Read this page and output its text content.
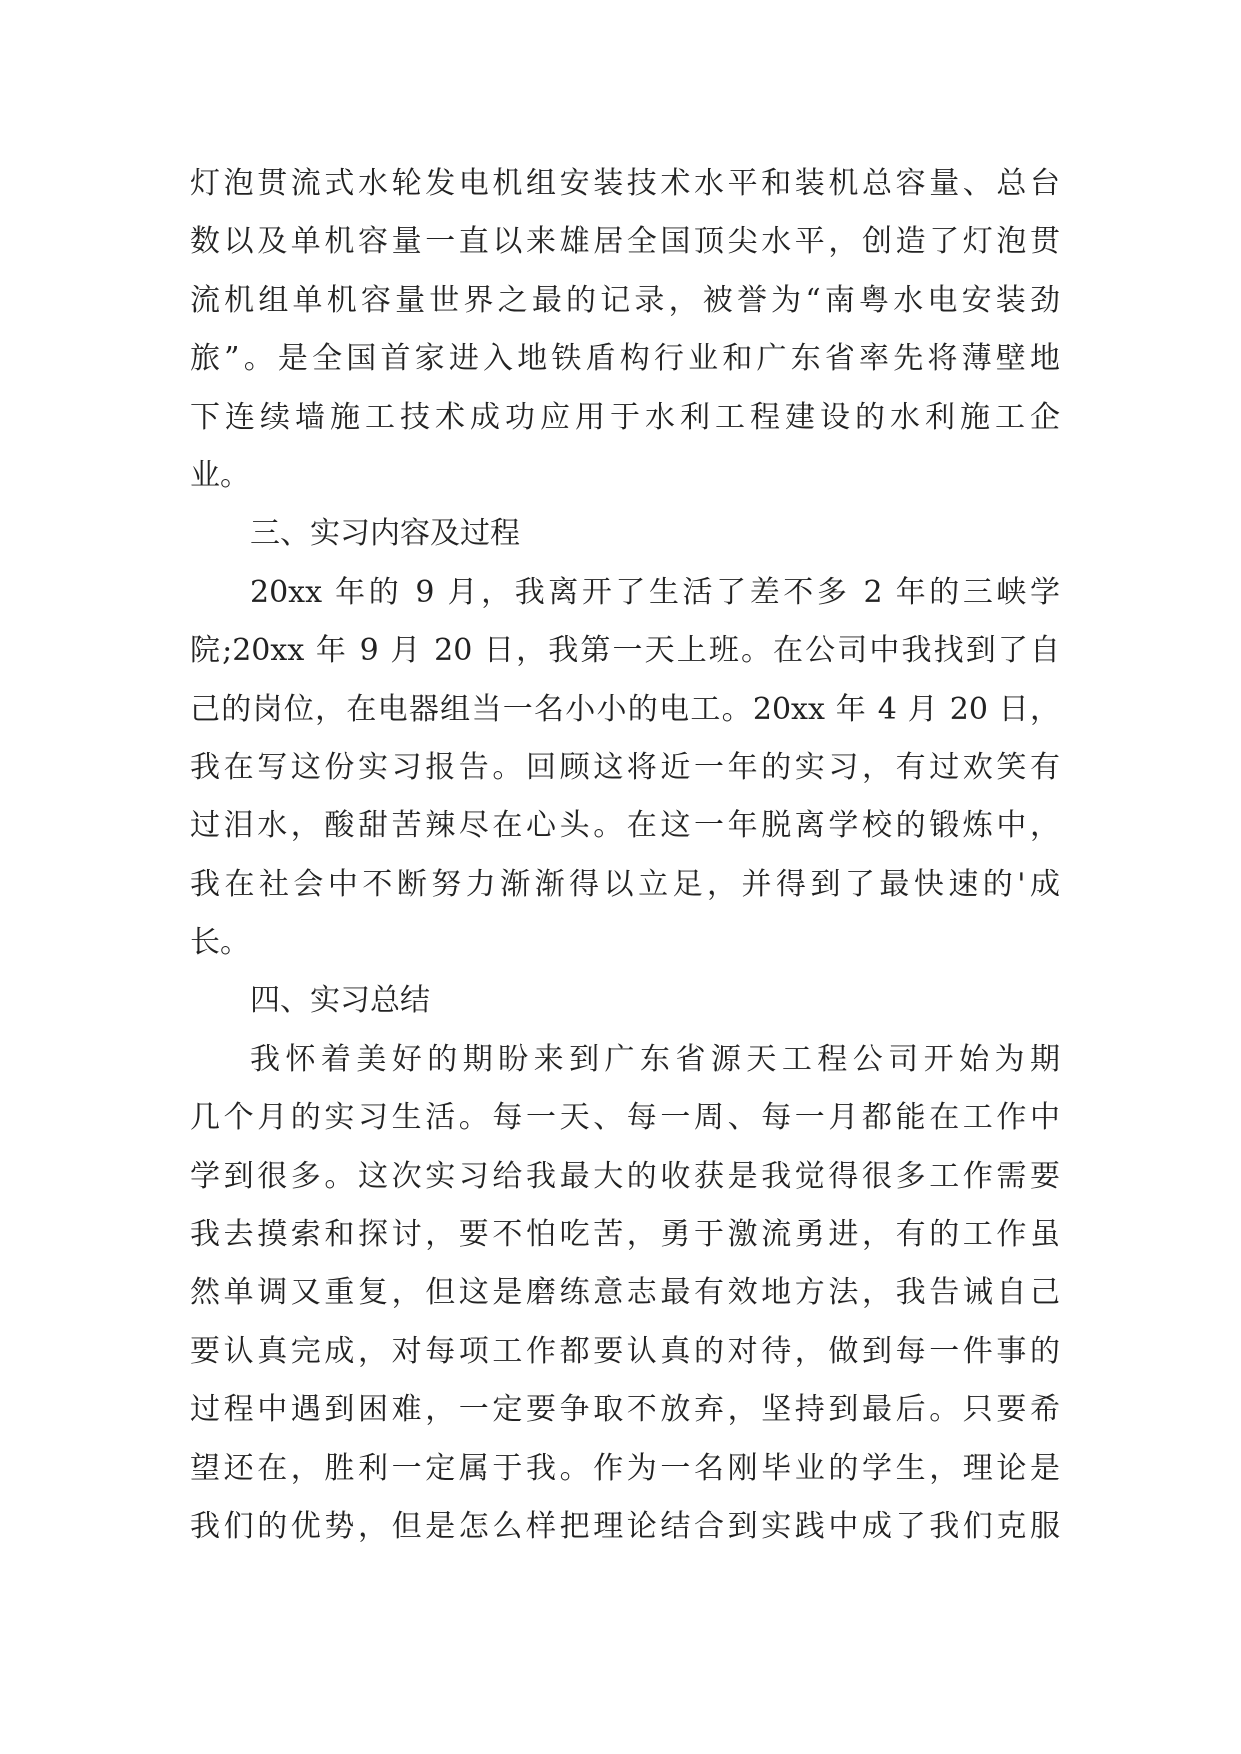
灯泡贯流式水轮发电机组安装技术水平和装机总容量、总台
数以及单机容量一直以来雄居全国顶尖水平，创造了灯泡贯
流机组单机容量世界之最的记录，被誉为“南粤水电安装劲
旅”。是全国首家进入地铁盾构行业和广东省率先将薄壁地
下连续墙施工技术成功应用于水利工程建设的水利施工企
业。
三、实习内容及过程
20xx 年的 9 月，我离开了生活了差不多 2 年的三峡学
院;20xx 年 9 月 20 日，我第一天上班。在公司中我找到了自
己的岗位，在电器组当一名小小的电工。20xx 年 4 月 20 日，
我在写这份实习报告。回顾这将近一年的实习，有过欢笑有
过泪水，酸甜苦辣尽在心头。在这一年脱离学校的锻炼中，
我在社会中不断努力渐渐得以立足，并得到了最快速的'成
长。
四、实习总结
我怀着美好的期盼来到广东省源天工程公司开始为期
几个月的实习生活。每一天、每一周、每一月都能在工作中
学到很多。这次实习给我最大的收获是我觉得很多工作需要
我去摸索和探讨，要不怕吃苦，勇于激流勇进，有的工作虽
然单调又重复，但这是磨练意志最有效地方法，我告诫自己
要认真完成，对每项工作都要认真的对待，做到每一件事的
过程中遇到困难，一定要争取不放弃，坚持到最后。只要希
望还在，胜利一定属于我。作为一名刚毕业的学生，理论是
我们的优势，但是怎么样把理论结合到实践中成了我们克服
